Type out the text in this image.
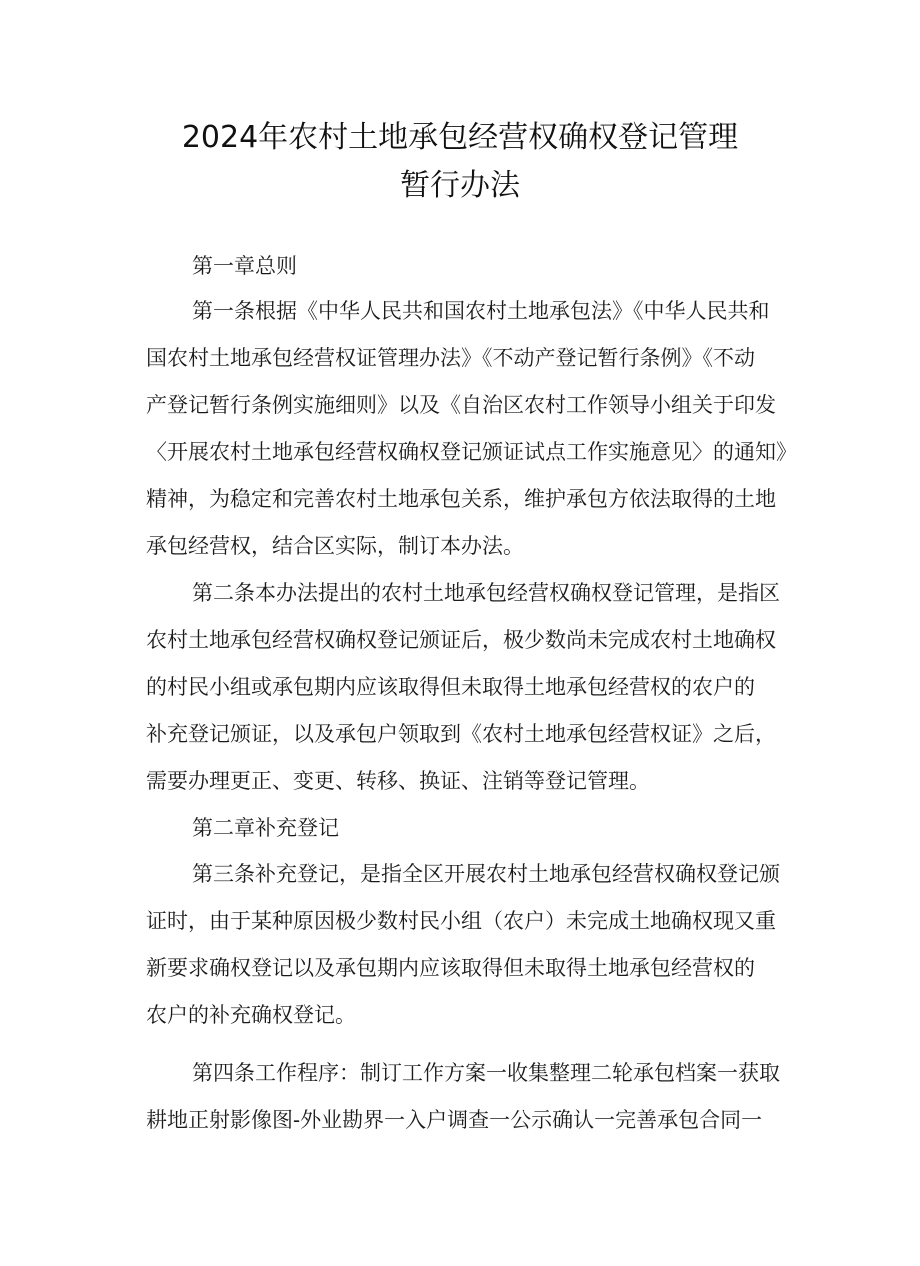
2024年农村土地承包经营权确权登记管理
暂行办法
第一章总则
第一条根据《中华人民共和国农村土地承包法》《中华人民共和
国农村土地承包经营权证管理办法》《不动产登记暂行条例》《不动
产登记暂行条例实施细则》以及《自治区农村工作领导小组关于印发
〈开展农村土地承包经营权确权登记颁证试点工作实施意见〉的通知》
精神，为稳定和完善农村土地承包关系，维护承包方依法取得的土地
承包经营权，结合区实际，制订本办法。
第二条本办法提出的农村土地承包经营权确权登记管理，是指区
农村土地承包经营权确权登记颁证后，极少数尚未完成农村土地确权
的村民小组或承包期内应该取得但未取得土地承包经营权的农户的
补充登记颁证，以及承包户领取到《农村土地承包经营权证》之后，
需要办理更正、变更、转移、换证、注销等登记管理。
第二章补充登记
第三条补充登记，是指全区开展农村土地承包经营权确权登记颁
证时，由于某种原因极少数村民小组（农户）未完成土地确权现又重
新要求确权登记以及承包期内应该取得但未取得土地承包经营权的
农户的补充确权登记。
第四条工作程序：制订工作方案一收集整理二轮承包档案一获取
耕地正射影像图-外业勘界一入户调查一公示确认一完善承包合同一
